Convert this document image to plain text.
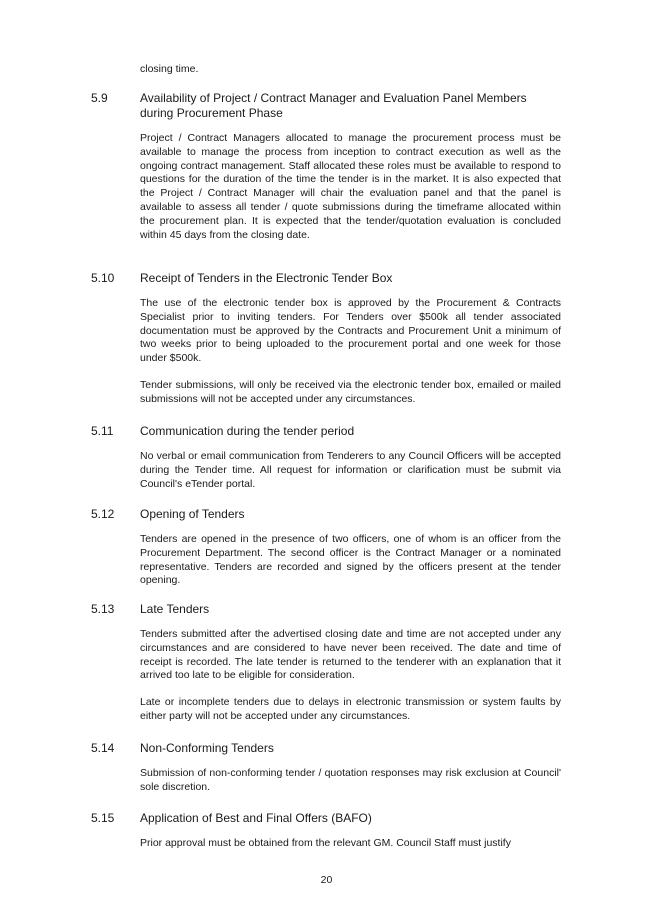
closing time.
5.9	Availability of Project / Contract Manager and Evaluation Panel Members during Procurement Phase

Project / Contract Managers allocated to manage the procurement process must be available to manage the process from inception to contract execution as well as the ongoing contract management. Staff allocated these roles must be available to respond to questions for the duration of the time the tender is in the market. It is also expected that the Project / Contract Manager will chair the evaluation panel and that the panel is available to assess all tender / quote submissions during the timeframe allocated within the procurement plan. It is expected that the tender/quotation evaluation is concluded within 45 days from the closing date.

5.10	Receipt of Tenders in the Electronic Tender Box

The use of the electronic tender box is approved by the Procurement & Contracts Specialist prior to inviting tenders. For Tenders over $500k all tender associated documentation must be approved by the Contracts and Procurement Unit a minimum of two weeks prior to being uploaded to the procurement portal and one week for those under $500k.

Tender submissions, will only be received via the electronic tender box, emailed or mailed submissions will not be accepted under any circumstances.

5.11	Communication during the tender period

No verbal or email communication from Tenderers to any Council Officers will be accepted during the Tender time. All request for information or clarification must be submit via Council's eTender portal.

5.12	Opening of Tenders

Tenders are opened in the presence of two officers, one of whom is an officer from the Procurement Department. The second officer is the Contract Manager or a nominated representative. Tenders are recorded and signed by the officers present at the tender opening.

5.13	Late Tenders

Tenders submitted after the advertised closing date and time are not accepted under any circumstances and are considered to have never been received. The date and time of receipt is recorded. The late tender is returned to the tenderer with an explanation that it arrived too late to be eligible for consideration.

Late or incomplete tenders due to delays in electronic transmission or system faults by either party will not be accepted under any circumstances.

5.14	Non-Conforming Tenders

Submission of non-conforming tender / quotation responses may risk exclusion at Council' sole discretion.

5.15	Application of Best and Final Offers (BAFO)

Prior approval must be obtained from the relevant GM. Council Staff must justify

20
